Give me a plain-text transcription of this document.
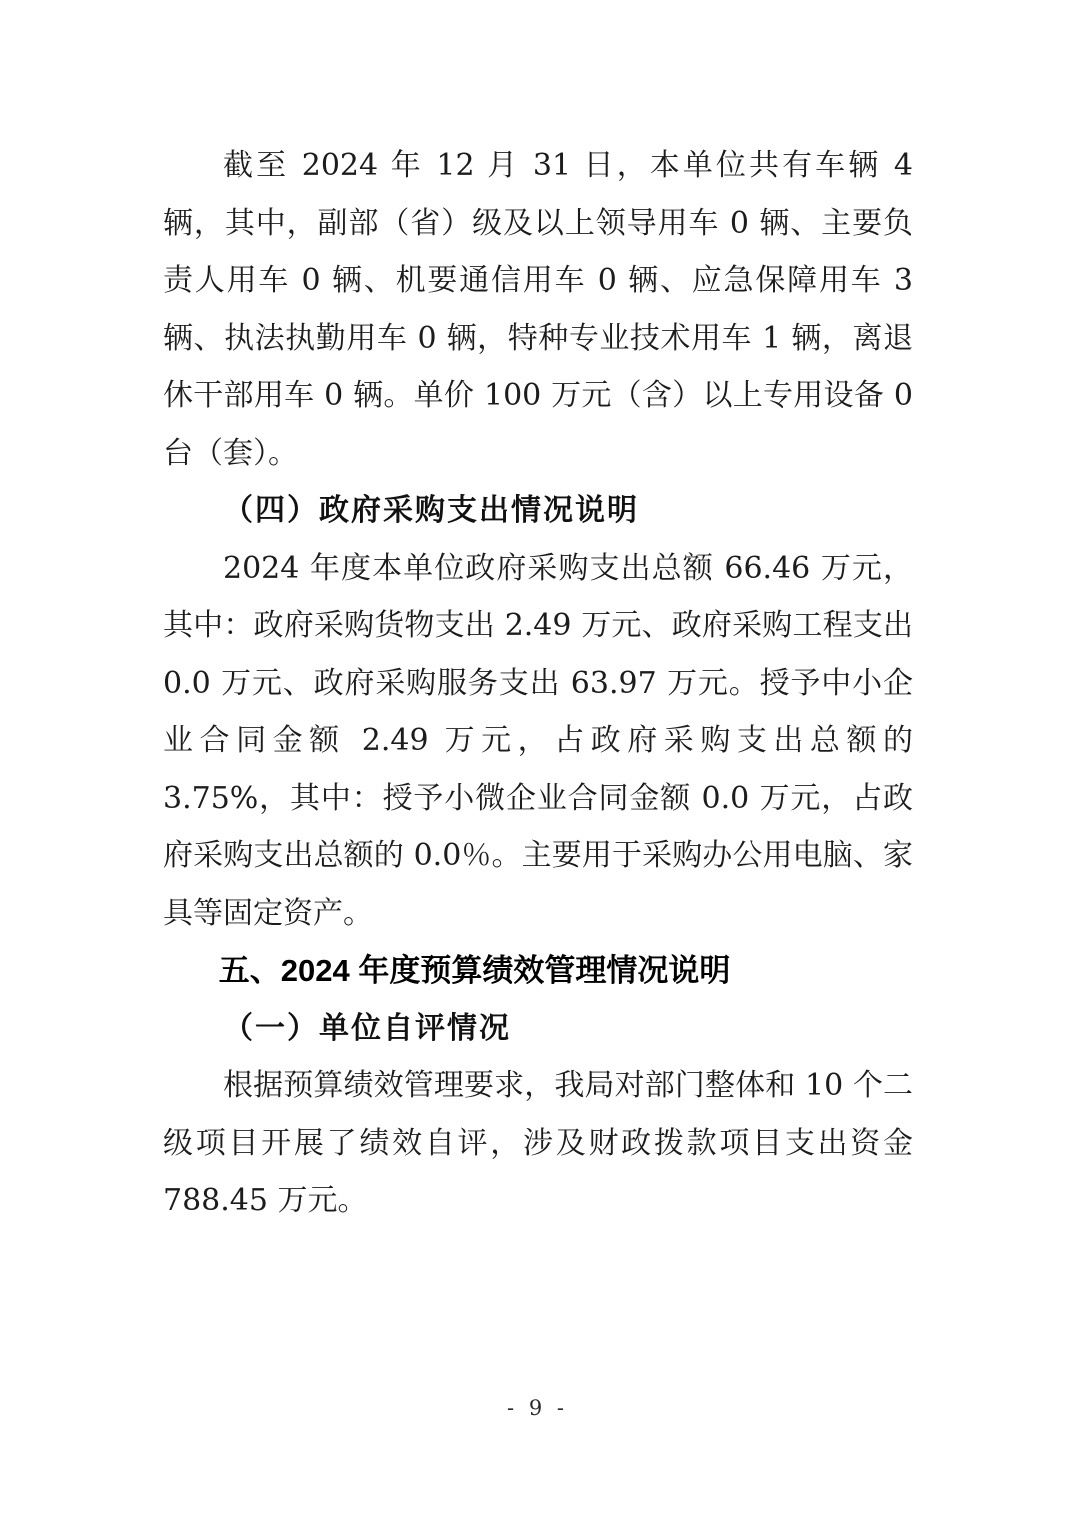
截至 2024 年 12 月 31 日，本单位共有车辆 4 辆，其中，副部（省）级及以上领导用车 0 辆、主要负责人用车 0 辆、机要通信用车 0 辆、应急保障用车 3 辆、执法执勤用车 0 辆，特种专业技术用车 1 辆，离退休干部用车 0 辆。单价 100 万元（含）以上专用设备 0 台（套）。

（四）政府采购支出情况说明

2024 年度本单位政府采购支出总额 66.46 万元，其中：政府采购货物支出 2.49 万元、政府采购工程支出 0.0 万元、政府采购服务支出 63.97 万元。授予中小企业合同金额 2.49 万元，占政府采购支出总额的 3.75%，其中：授予小微企业合同金额 0.0 万元，占政府采购支出总额的 0.0％。主要用于采购办公用电脑、家具等固定资产。

五、2024 年度预算绩效管理情况说明
（一）单位自评情况

根据预算绩效管理要求，我局对部门整体和 10 个二级项目开展了绩效自评，涉及财政拨款项目支出资金 788.45 万元。

- 9 -
